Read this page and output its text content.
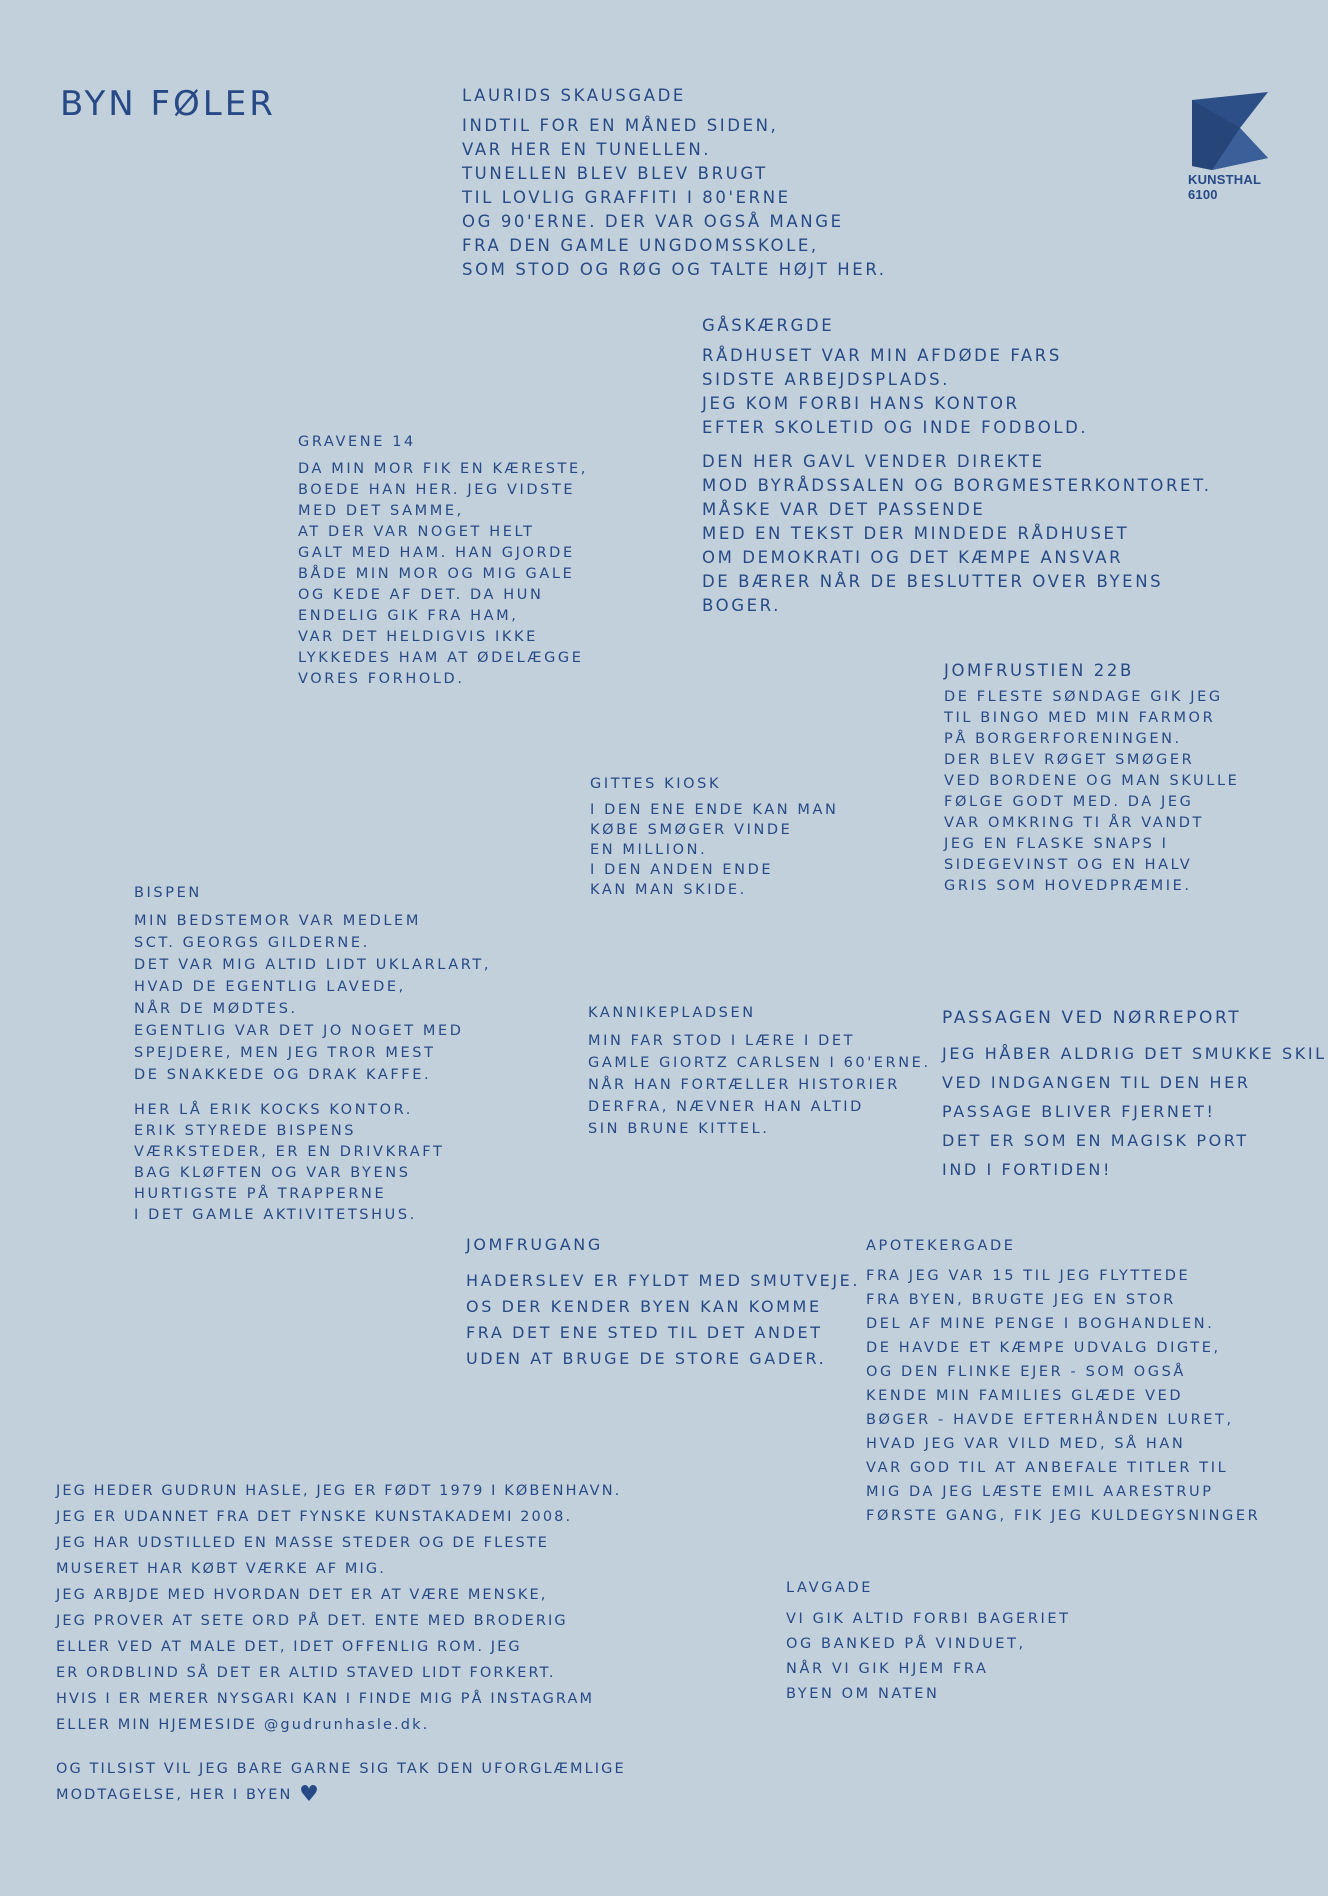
BYN FØLER
KUNSTHAL
6100
LAURIDS SKAUSGADE
INDTIL FOR EN MÅNED SIDEN,
VAR HER EN TUNELLEN.
TUNELLEN BLEV BLEV BRUGT
TIL LOVLIG GRAFFITI I 80'ERNE
OG 90'ERNE. DER VAR OGSÅ MANGE
FRA DEN GAMLE UNGDOMSSKOLE,
SOM STOD OG RØG OG TALTE HØJT HER.
GÅSKÆRGDE
RÅDHUSET VAR MIN AFDØDE FARS
SIDSTE ARBEJDSPLADS.
JEG KOM FORBI HANS KONTOR
EFTER SKOLETID OG INDE FODBOLD.
DEN HER GAVL VENDER DIREKTE
MOD BYRÅDSSALEN OG BORGMESTERKONTORET.
MÅSKE VAR DET PASSENDE
MED EN TEKST DER MINDEDE RÅDHUSET
OM DEMOKRATI OG DET KÆMPE ANSVAR
DE BÆRER NÅR DE BESLUTTER OVER BYENS
BOGER.
GRAVENE 14
DA MIN MOR FIK EN KÆRESTE,
BOEDE HAN HER. JEG VIDSTE
MED DET SAMME,
AT DER VAR NOGET HELT
GALT MED HAM. HAN GJORDE
BÅDE MIN MOR OG MIG GALE
OG KEDE AF DET. DA HUN
ENDELIG GIK FRA HAM,
VAR DET HELDIGVIS IKKE
LYKKEDES HAM AT ØDELÆGGE
VORES FORHOLD.	JOMFRUSTIEN 22B
DE FLESTE SØNDAGE GIK JEG
TIL BINGO MED MIN FARMOR
PÅ BORGERFORENINGEN.
DER BLEV RØGET SMØGER
VED BORDENE OG MAN SKULLE
FØLGE GODT MED. DA JEG
VAR OMKRING TI ÅR VANDT
JEG EN FLASKE SNAPS I
SIDEGEVINST OG EN HALV
GRIS SOM HOVEDPRÆMIE.
GITTES KIOSK
I DEN ENE ENDE KAN MAN
KØBE SMØGER VINDE
EN MILLION.
I DEN ANDEN ENDE
KAN MAN SKIDE.
BISPEN
MIN BEDSTEMOR VAR MEDLEM
SCT. GEORGS GILDERNE.
DET VAR MIG ALTID LIDT UKLARLART,
HVAD DE EGENTLIG LAVEDE,
NÅR DE MØDTES.
EGENTLIG VAR DET JO NOGET MED
SPEJDERE, MEN JEG TROR MEST
DE SNAKKEDE OG DRAK KAFFE.
HER LÅ ERIK KOCKS KONTOR.
ERIK STYREDE BISPENS
VÆRKSTEDER, ER EN DRIVKRAFT
BAG KLØFTEN OG VAR BYENS
HURTIGSTE PÅ TRAPPERNE
I DET GAMLE AKTIVITETSHUS.
KANNIKEPLADSEN
MIN FAR STOD I LÆRE I DET
GAMLE GIORTZ CARLSEN I 60'ERNE.
NÅR HAN FORTÆLLER HISTORIER
DERFRA, NÆVNER HAN ALTID
SIN BRUNE KITTEL.
PASSAGEN VED NØRREPORT
JEG HÅBER ALDRIG DET SMUKKE SKIL
VED INDGANGEN TIL DEN HER
PASSAGE BLIVER FJERNET!
DET ER SOM EN MAGISK PORT
IND I FORTIDEN!
JOMFRUGANG
HADERSLEV ER FYLDT MED SMUTVEJE.
OS DER KENDER BYEN KAN KOMME
FRA DET ENE STED TIL DET ANDET
UDEN AT BRUGE DE STORE GADER.
APOTEKERGADE
FRA JEG VAR 15 TIL JEG FLYTTEDE
FRA BYEN, BRUGTE JEG EN STOR
DEL AF MINE PENGE I BOGHANDLEN.
DE HAVDE ET KÆMPE UDVALG DIGTE,
OG DEN FLINKE EJER - SOM OGSÅ
KENDE MIN FAMILIES GLÆDE VED
BØGER - HAVDE EFTERHÅNDEN LURET,
HVAD JEG VAR VILD MED, SÅ HAN
VAR GOD TIL AT ANBEFALE TITLER TIL
MIG DA JEG LÆSTE EMIL AARESTRUP
FØRSTE GANG, FIK JEG KULDEGYSNINGER
LAVGADE
VI GIK ALTID FORBI BAGERIET
OG BANKED PÅ VINDUET,
NÅR VI GIK HJEM FRA
BYEN OM NATEN
JEG HEDER GUDRUN HASLE, JEG ER FØDT 1979 I KØBENHAVN.
JEG ER UDANNET FRA DET FYNSKE KUNSTAKADEMI 2008.
JEG HAR UDSTILLED EN MASSE STEDER OG DE FLESTE
MUSERET HAR KØBT VÆRKE AF MIG.
JEG ARBJDE MED HVORDAN DET ER AT VÆRE MENSKE,
JEG PROVER AT SETE ORD PÅ DET. ENTE MED BRODERIG
ELLER VED AT MALE DET, IDET OFFENLIG ROM. JEG
ER ORDBLIND SÅ DET ER ALTID STAVED LIDT FORKERT.
HVIS I ER MERER NYSGARI KAN I FINDE MIG PÅ INSTAGRAM
ELLER MIN HJEMESIDE @gudrunhasle.dk.
OG TILSIST VIL JEG BARE GARNE SIG TAK DEN UFORGLÆMLIGE
MODTAGELSE, HER I BYEN ♥
